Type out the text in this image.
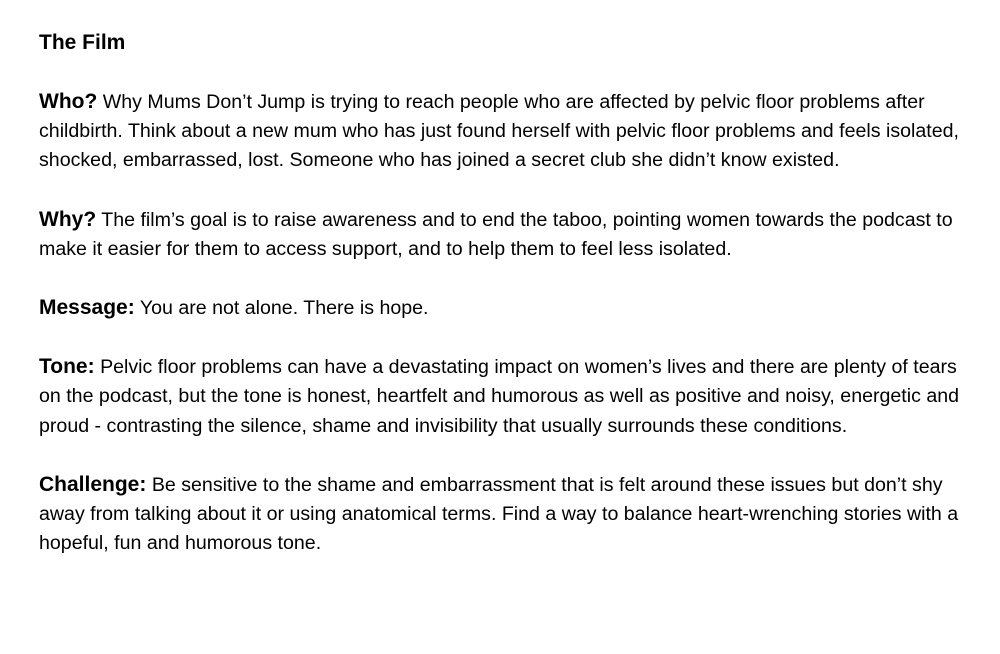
The Film
Who? Why Mums Don’t Jump is trying to reach people who are affected by pelvic floor problems after childbirth. Think about a new mum who has just found herself with pelvic floor problems and feels isolated, shocked, embarrassed, lost. Someone who has joined a secret club she didn’t know existed.
Why? The film’s goal is to raise awareness and to end the taboo, pointing women towards the podcast to make it easier for them to access support, and to help them to feel less isolated.
Message: You are not alone. There is hope.
Tone: Pelvic floor problems can have a devastating impact on women’s lives and there are plenty of tears on the podcast, but the tone is honest, heartfelt and humorous as well as positive and noisy, energetic and proud - contrasting the silence, shame and invisibility that usually surrounds these conditions.
Challenge: Be sensitive to the shame and embarrassment that is felt around these issues but don’t shy away from talking about it or using anatomical terms. Find a way to balance heart-wrenching stories with a hopeful, fun and humorous tone.
